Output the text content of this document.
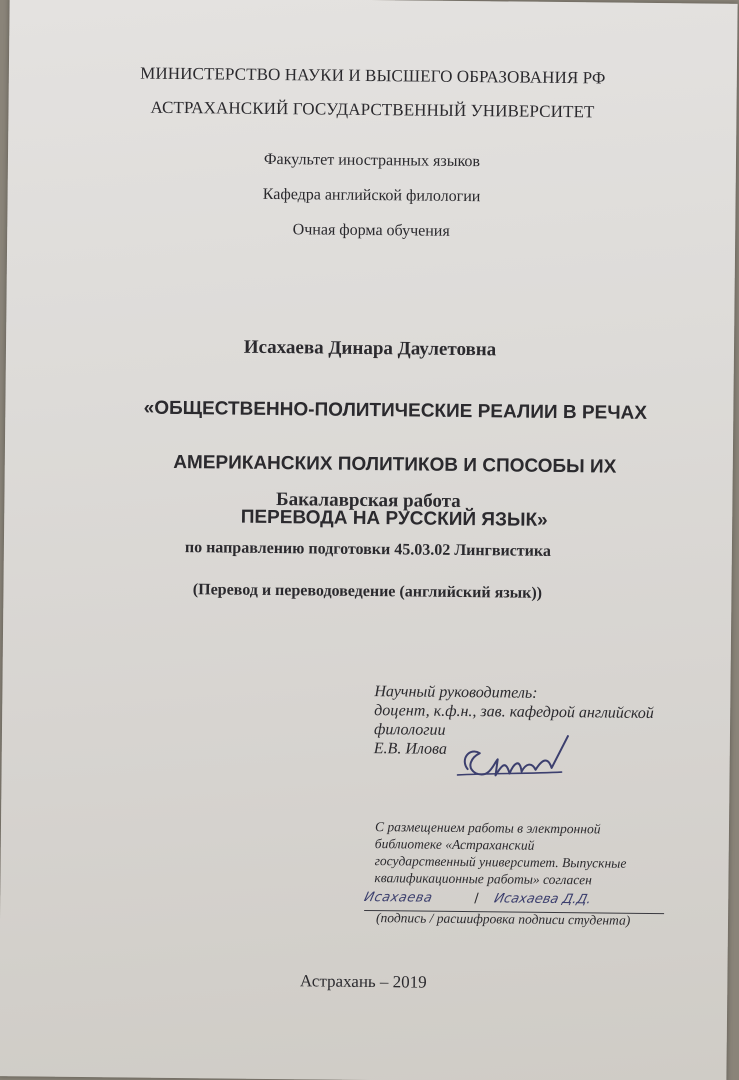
МИНИСТЕРСТВО НАУКИ И ВЫСШЕГО ОБРАЗОВАНИЯ РФ
АСТРАХАНСКИЙ ГОСУДАРСТВЕННЫЙ УНИВЕРСИТЕТ
Факультет иностранных языков
Кафедра английской филологии
Очная форма обучения
Исахаева Динара Даулетовна

«ОБЩЕСТВЕННО-ПОЛИТИЧЕСКИЕ РЕАЛИИ В РЕЧАХ

АМЕРИКАНСКИХ ПОЛИТИКОВ И СПОСОБЫ ИХ

ПЕРЕВОДА НА РУССКИЙ ЯЗЫК»

Бакалаврская работа
по направлению подготовки 45.03.02 Лингвистика
(Перевод и переводоведение (английский язык))
Научный руководитель:
доцент, к.ф.н., зав. кафедрой английской
филологии
Е.В. Илова
С размещением работы в электронной
библиотеке «Астраханский
государственный университет. Выпускные
квалификационные работы» согласен
Исахаева	/ Исахаева Д.Д.
(подпись / расшифровка подписи студента)
Астрахань – 2019
